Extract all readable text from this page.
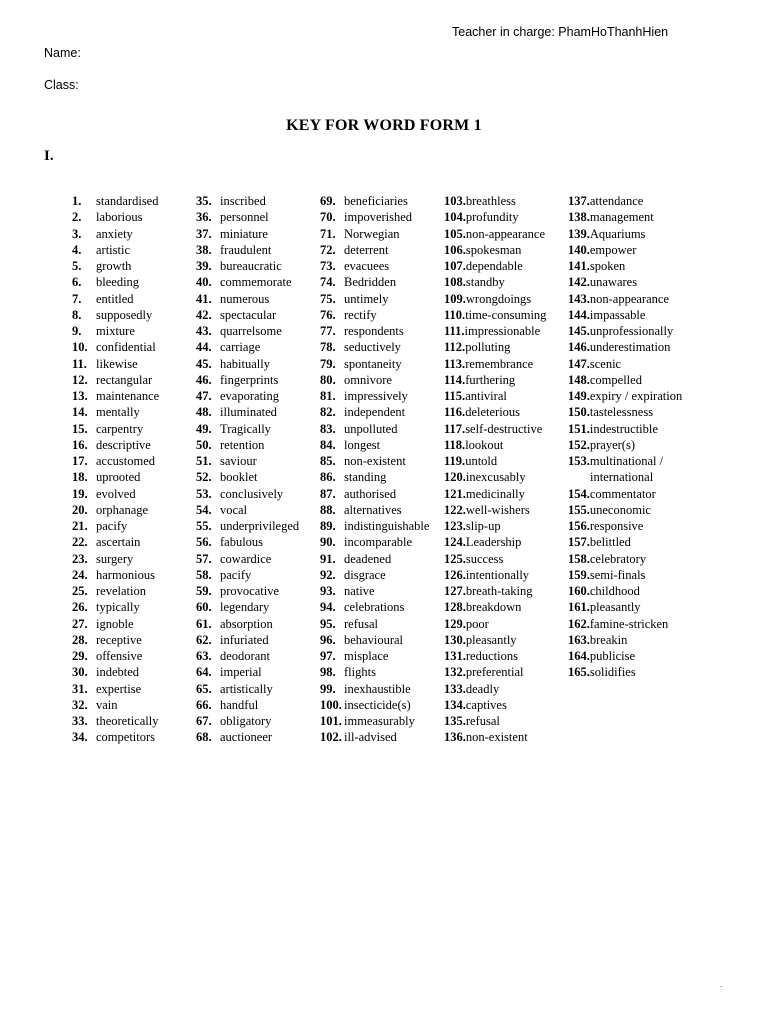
Teacher in charge: PhamHoThanhHien
Name:
Class:
KEY FOR WORD FORM 1
I.
1. standardised
2. laborious
3. anxiety
4. artistic
5. growth
6. bleeding
7. entitled
8. supposedly
9. mixture
10. confidential
11. likewise
12. rectangular
13. maintenance
14. mentally
15. carpentry
16. descriptive
17. accustomed
18. uprooted
19. evolved
20. orphanage
21. pacify
22. ascertain
23. surgery
24. harmonious
25. revelation
26. typically
27. ignoble
28. receptive
29. offensive
30. indebted
31. expertise
32. vain
33. theoretically
34. competitors
35. inscribed
36. personnel
37. miniature
38. fraudulent
39. bureaucratic
40. commemorate
41. numerous
42. spectacular
43. quarrelsome
44. carriage
45. habitually
46. fingerprints
47. evaporating
48. illuminated
49. Tragically
50. retention
51. saviour
52. booklet
53. conclusively
54. vocal
55. underprivileged
56. fabulous
57. cowardice
58. pacify
59. provocative
60. legendary
61. absorption
62. infuriated
63. deodorant
64. imperial
65. artistically
66. handful
67. obligatory
68. auctioneer
69. beneficiaries
70. impoverished
71. Norwegian
72. deterrent
73. evacuees
74. Bedridden
75. untimely
76. rectify
77. respondents
78. seductively
79. spontaneity
80. omnivore
81. impressively
82. independent
83. unpolluted
84. longest
85. non-existent
86. standing
87. authorised
88. alternatives
89. indistinguishable
90. incomparable
91. deadened
92. disgrace
93. native
94. celebrations
95. refusal
96. behavioural
97. misplace
98. flights
99. inexhaustible
100. insecticide(s)
101. immeasurably
102. ill-advised
103.breathless
104.profundity
105.non-appearance
106.spokesman
107.dependable
108.standby
109.wrongdoings
110.time-consuming
111.impressionable
112.polluting
113.remembrance
114.furthering
115.antiviral
116.deleterious
117.self-destructive
118.lookout
119.untold
120.inexcusably
121.medicinally
122.well-wishers
123.slip-up
124.Leadership
125.success
126.intentionally
127.breath-taking
128.breakdown
129.poor
130.pleasantly
131.reductions
132.preferential
133.deadly
134.captives
135.refusal
136.non-existent
137.attendance
138.management
139.Aquariums
140.empower
141.spoken
142.unawares
143.non-appearance
144.impassable
145.unprofessionally
146.underestimation
147.scenic
148.compelled
149.expiry / expiration
150.tastelessness
151.indestructible
152.prayer(s)
153.multinational /
international
154.commentator
155.uneconomic
156.responsive
157.belittled
158.celebratory
159.semi-finals
160.childhood
161.pleasantly
162.famine-stricken
163.breakin
164.publicise
165.solidifies
.
